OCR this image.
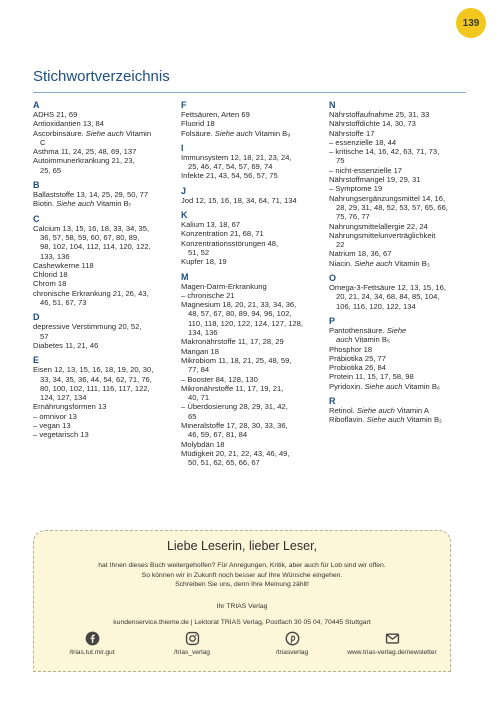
139
Stichwortverzeichnis
A
ADHS 21, 69
Antioxidantien 13, 84
Ascorbinsäure. Siehe auch Vitamin
C
Asthma 11, 24, 25, 48, 69, 137
Autoimmunerkrankung 21, 23,
25, 65
B
Ballaststoffe 13, 14, 25, 29, 50, 77
Biotin. Siehe auch Vitamin B₇
C
Calcium 13, 15, 16, 18, 33, 34, 35,
36, 57, 58, 59, 60, 67, 80, 89,
98, 102, 104, 112, 114, 120, 122,
133, 136
Cashewkerne 118
Chlorid 18
Chrom 18
chronische Erkrankung 21, 26, 43,
46, 51, 67, 73
D
depressive Verstimmung 20, 52,
57
Diabetes 11, 21, 46
E
Eisen 12, 13, 15, 16, 18, 19, 20, 30,
33, 34, 35, 36, 44, 54, 62, 71, 76,
80, 100, 102, 111, 116, 117, 122,
124, 127, 134
Ernährungsformen 13
– omnivor 13
– vegan 13
– vegetarisch 13
F
Fettsäuren, Arten 69
Fluorid 18
Folsäure. Siehe auch Vitamin B₉
I
Immunsystem 12, 18, 21, 23, 24,
25, 46, 47, 54, 57, 69, 74
Infekte 21, 43, 54, 56, 57, 75
J
Jod 12, 15, 16, 18, 34, 64, 71, 134
K
Kalium 13, 18, 67
Konzentration 21, 68, 71
Konzentrationsstörungen 48,
51, 52
Kupfer 18, 19
M
Magen-Darm-Erkrankung
– chronische 21
Magnesium 18, 20, 21, 33, 34, 36,
48, 57, 67, 80, 89, 94, 96, 102,
110, 118, 120, 122, 124, 127, 128,
134, 136
Makronährstoffe 11, 17, 28, 29
Mangan 18
Mikrobiom 11, 18, 21, 25, 48, 59,
77, 84
– Booster 84, 128, 130
Mikronährstoffe 11, 17, 19, 21,
40, 71
– Überdosierung 28, 29, 31, 42,
65
Mineralstoffe 17, 28, 30, 33, 36,
46, 59, 67, 81, 84
Molybdän 18
Müdigkeit 20, 21, 22, 43, 46, 49,
50, 51, 62, 65, 66, 67
N
Nährstoffaufnahme 25, 31, 33
Nährstoffdichte 14, 30, 73
Nährstoffe 17
– essenzielle 18, 44
– kritische 14, 16, 42, 63, 71, 73,
75
– nicht-essenzielle 17
Nährstoffmangel 19, 29, 31
– Symptome 19
Nahrungsergänzungsmittel 14, 16,
28, 29, 31, 48, 52, 53, 57, 65, 66,
75, 76, 77
Nahrungsmittelallergie 22, 24
Nahrungsmittelunverträglichkeit
22
Natrium 18, 36, 67
Niacin. Siehe auch Vitamin B₃
O
Omega-3-Fettsäure 12, 13, 15, 16,
20, 21, 24, 34, 68, 84, 85, 104,
106, 116, 120, 122, 134
P
Pantothensäure. Siehe
auch Vitamin B₅
Phosphor 18
Präbiotika 25, 77
Probiotika 26, 84
Protein 11, 15, 17, 58, 98
Pyridoxin. Siehe auch Vitamin B₆
R
Retinol. Siehe auch Vitamin A
Riboflavin. Siehe auch Vitamin B₂
Liebe Leserin, lieber Leser,
hat Ihnen dieses Buch weitergeholfen? Für Anregungen, Kritik, aber auch für Lob sind wir offen.
So können wir in Zukunft noch besser auf Ihre Wünsche eingehen.
Schreiben Sie uns, denn Ihre Meinung zählt!
Ihr TRIAS Verlag
kundenservice.thieme.de | Lektorat TRIAS Verlag, Postfach 30 05 04, 70445 Stuttgart
/trias.tut.mir.gut	/trias_verlag	/triasverlag	www.trias-verlag.de/newsletter
